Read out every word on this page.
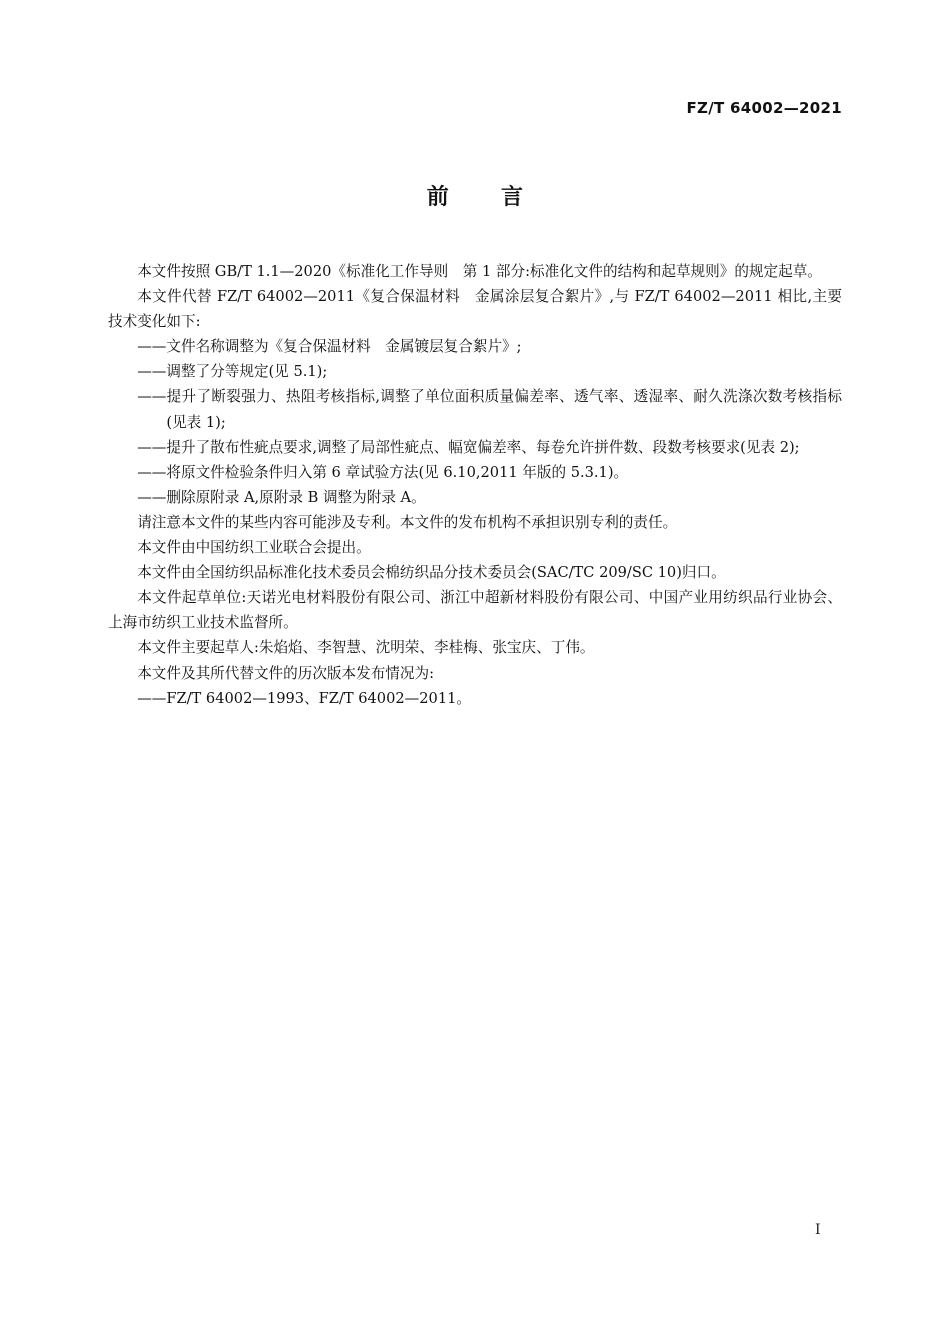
FZ/T 64002—2021
前 言

本文件按照 GB/T 1.1—2020《标准化工作导则　第 1 部分:标准化文件的结构和起草规则》的规定起草。

本文件代替 FZ/T 64002—2011《复合保温材料　金属涂层复合絮片》,与 FZ/T 64002—2011 相比,主要技术变化如下:

——文件名称调整为《复合保温材料　金属镀层复合絮片》;
——调整了分等规定(见 5.1);
——提升了断裂强力、热阻考核指标,调整了单位面积质量偏差率、透气率、透湿率、耐久洗涤次数考核指标(见表 1);
——提升了散布性疵点要求,调整了局部性疵点、幅宽偏差率、每卷允许拼件数、段数考核要求(见表 2);
——将原文件检验条件归入第 6 章试验方法(见 6.10,2011 年版的 5.3.1)。
——删除原附录 A,原附录 B 调整为附录 A。

请注意本文件的某些内容可能涉及专利。本文件的发布机构不承担识别专利的责任。

本文件由中国纺织工业联合会提出。

本文件由全国纺织品标准化技术委员会棉纺织品分技术委员会(SAC/TC 209/SC 10)归口。

本文件起草单位:天诺光电材料股份有限公司、浙江中超新材料股份有限公司、中国产业用纺织品行业协会、上海市纺织工业技术监督所。

本文件主要起草人:朱焰焰、李智慧、沈明荣、李桂梅、张宝庆、丁伟。

本文件及其所代替文件的历次版本发布情况为:

——FZ/T 64002—1993、FZ/T 64002—2011。
I
